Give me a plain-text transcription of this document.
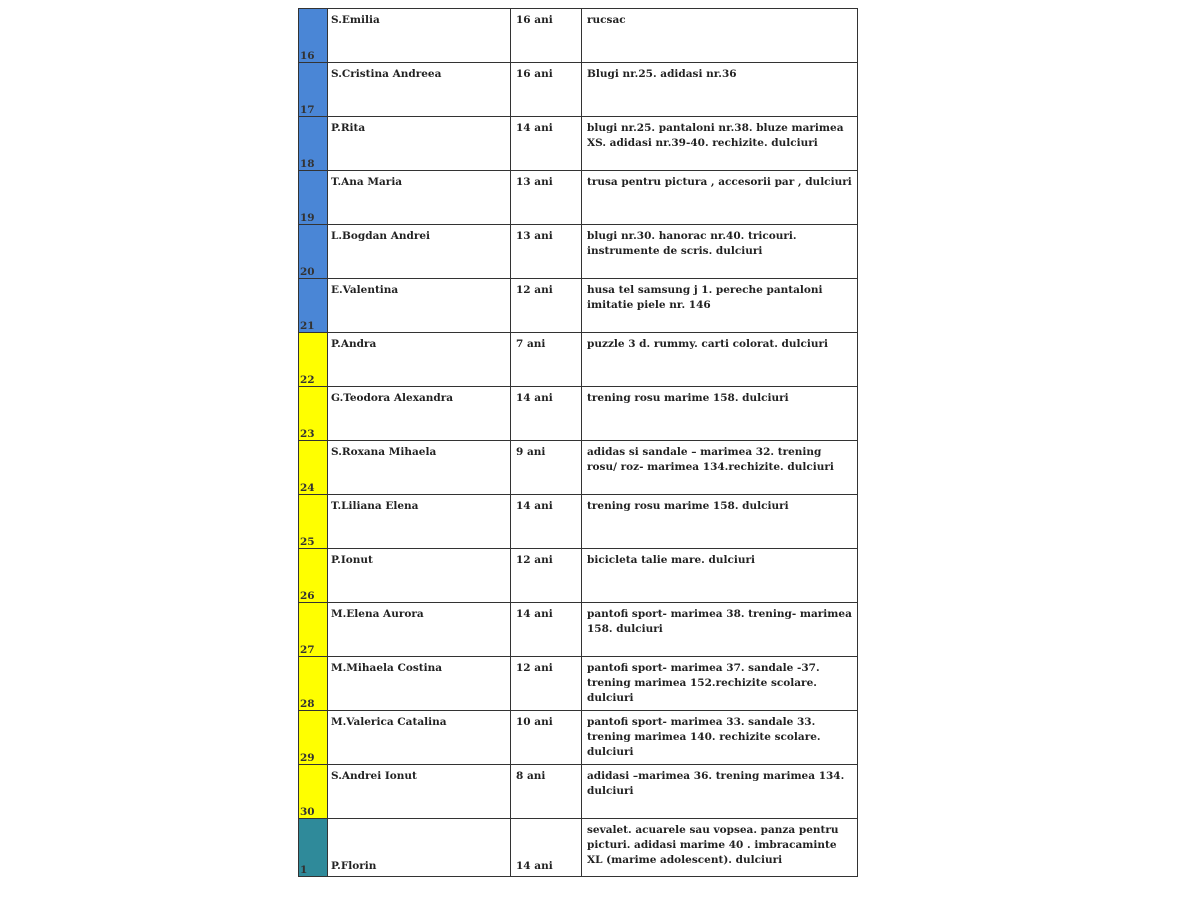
16	S.Emilia	16 ani	rucsac

17	S.Cristina Andreea	16 ani	Blugi nr.25. adidasi nr.36

18	P.Rita	14 ani	blugi nr.25. pantaloni nr.38. bluze marimea XS. adidasi nr.39-40. rechizite. dulciuri

19	T.Ana Maria	13 ani	trusa pentru pictura , accesorii par , dulciuri

20	L.Bogdan Andrei	13 ani	blugi nr.30. hanorac nr.40. tricouri. instrumente de scris. dulciuri

21	E.Valentina	12 ani	husa tel samsung j 1. pereche pantaloni imitatie piele nr. 146

22	P.Andra	7 ani	puzzle 3 d. rummy. carti colorat. dulciuri

23	G.Teodora Alexandra	14 ani	trening rosu marime 158. dulciuri

24	S.Roxana Mihaela	9 ani	adidas si sandale – marimea 32. trening rosu/ roz- marimea 134.rechizite. dulciuri

25	T.Liliana Elena	14 ani	trening rosu marime 158. dulciuri

26	P.Ionut	12 ani	bicicleta talie mare. dulciuri

27	M.Elena Aurora	14 ani	pantofi sport- marimea 38. trening- marimea 158. dulciuri

28	M.Mihaela Costina	12 ani	pantofi sport- marimea 37. sandale -37. trening marimea 152.rechizite scolare. dulciuri

29	M.Valerica Catalina	10 ani	pantofi sport- marimea 33. sandale 33. trening marimea 140. rechizite scolare. dulciuri

30	S.Andrei Ionut	8 ani	adidasi –marimea 36. trening marimea 134. dulciuri

1	P.Florin	14 ani	sevalet. acuarele sau vopsea. panza pentru picturi. adidasi marime 40 . imbracaminte XL (marime adolescent). dulciuri
